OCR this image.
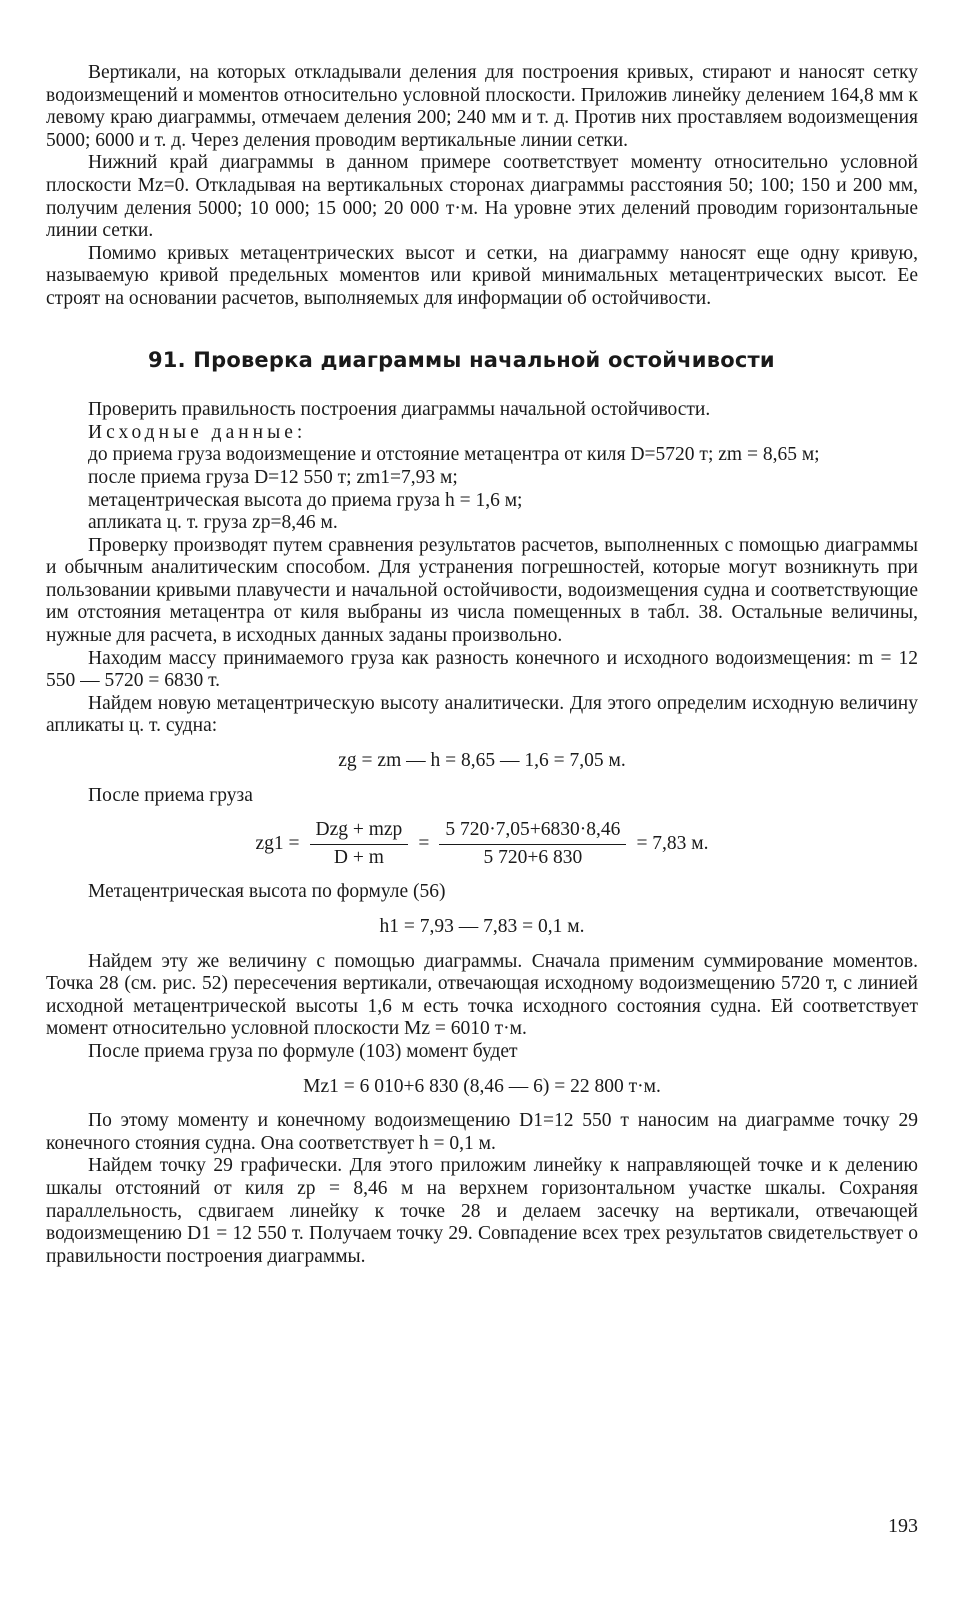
Вертикали, на которых откладывали деления для построения кривых, стирают и наносят сетку водоизмещений и моментов относительно условной плоскости. Приложив линейку делением 164,8 мм к левому краю диаграммы, отмечаем деления 200; 240 мм и т. д. Против них проставляем водоизмещения 5000; 6000 и т. д. Через деления проводим вертикальные линии сетки.

Нижний край диаграммы в данном примере соответствует моменту относительно условной плоскости Mz=0. Откладывая на вертикальных сторонах диаграммы расстояния 50; 100; 150 и 200 мм, получим деления 5000; 10 000; 15 000; 20 000 т·м. На уровне этих делений проводим горизонтальные линии сетки.

Помимо кривых метацентрических высот и сетки, на диаграмму наносят еще одну кривую, называемую кривой предельных моментов или кривой минимальных метацентрических высот. Ее строят на основании расчетов, выполняемых для информации об остойчивости.

91. Проверка диаграммы начальной остойчивости

Проверить правильность построения диаграммы начальной остойчивости.

Исходные данные:

до приема груза водоизмещение и отстояние метацентра от киля D=5720 т; zm = 8,65 м;

после приема груза D=12 550 т; zm1=7,93 м;

метацентрическая высота до приема груза h = 1,6 м;

апликата ц. т. груза zp=8,46 м.

Проверку производят путем сравнения результатов расчетов, выполненных с помощью диаграммы и обычным аналитическим способом. Для устранения погрешностей, которые могут возникнуть при пользовании кривыми плавучести и начальной остойчивости, водоизмещения судна и соответствующие им отстояния метацентра от киля выбраны из числа помещенных в табл. 38. Остальные величины, нужные для расчета, в исходных данных заданы произвольно.

Находим массу принимаемого груза как разность конечного и исходного водоизмещения: m = 12 550 — 5720 = 6830 т.

Найдем новую метацентрическую высоту аналитически. Для этого определим исходную величину апликаты ц. т. судна:

zg = zm — h = 8,65 — 1,6 = 7,05 м.

После приема груза

$zg1 = \frac{\text{Dzg + mzp}}{D + m} = \frac{5 720\cdot 7,05+6830\cdot 8,46}{5 720+6 830} = 7,83$ м.

Метацентрическая высота по формуле (56)

h1 = 7,93 — 7,83 = 0,1 м.

Найдем эту же величину с помощью диаграммы. Сначала применим суммирование моментов. Точка 28 (см. рис. 52) пересечения вертикали, отвечающая исходному водоизмещению 5720 т, с линией исходной метацентрической высоты 1,6 м есть точка исходного состояния судна. Ей соответствует момент относительно условной плоскости Mz = 6010 т·м.

После приема груза по формуле (103) момент будет

Mz1 = 6 010+6 830 (8,46 — 6) = 22 800 т·м.

По этому моменту и конечному водоизмещению D1=12 550 т наносим на диаграмме точку 29 конечного стояния судна. Она соответствует h = 0,1 м.

Найдем точку 29 графически. Для этого приложим линейку к направляющей точке и к делению шкалы отстояний от киля zp = 8,46 м на верхнем горизонтальном участке шкалы. Сохраняя параллельность, сдвигаем линейку к точке 28 и делаем засечку на вертикали, отвечающей водоизмещению D1 = 12 550 т. Получаем точку 29. Совпадение всех трех результатов свидетельствует о правильности построения диаграммы.

193
